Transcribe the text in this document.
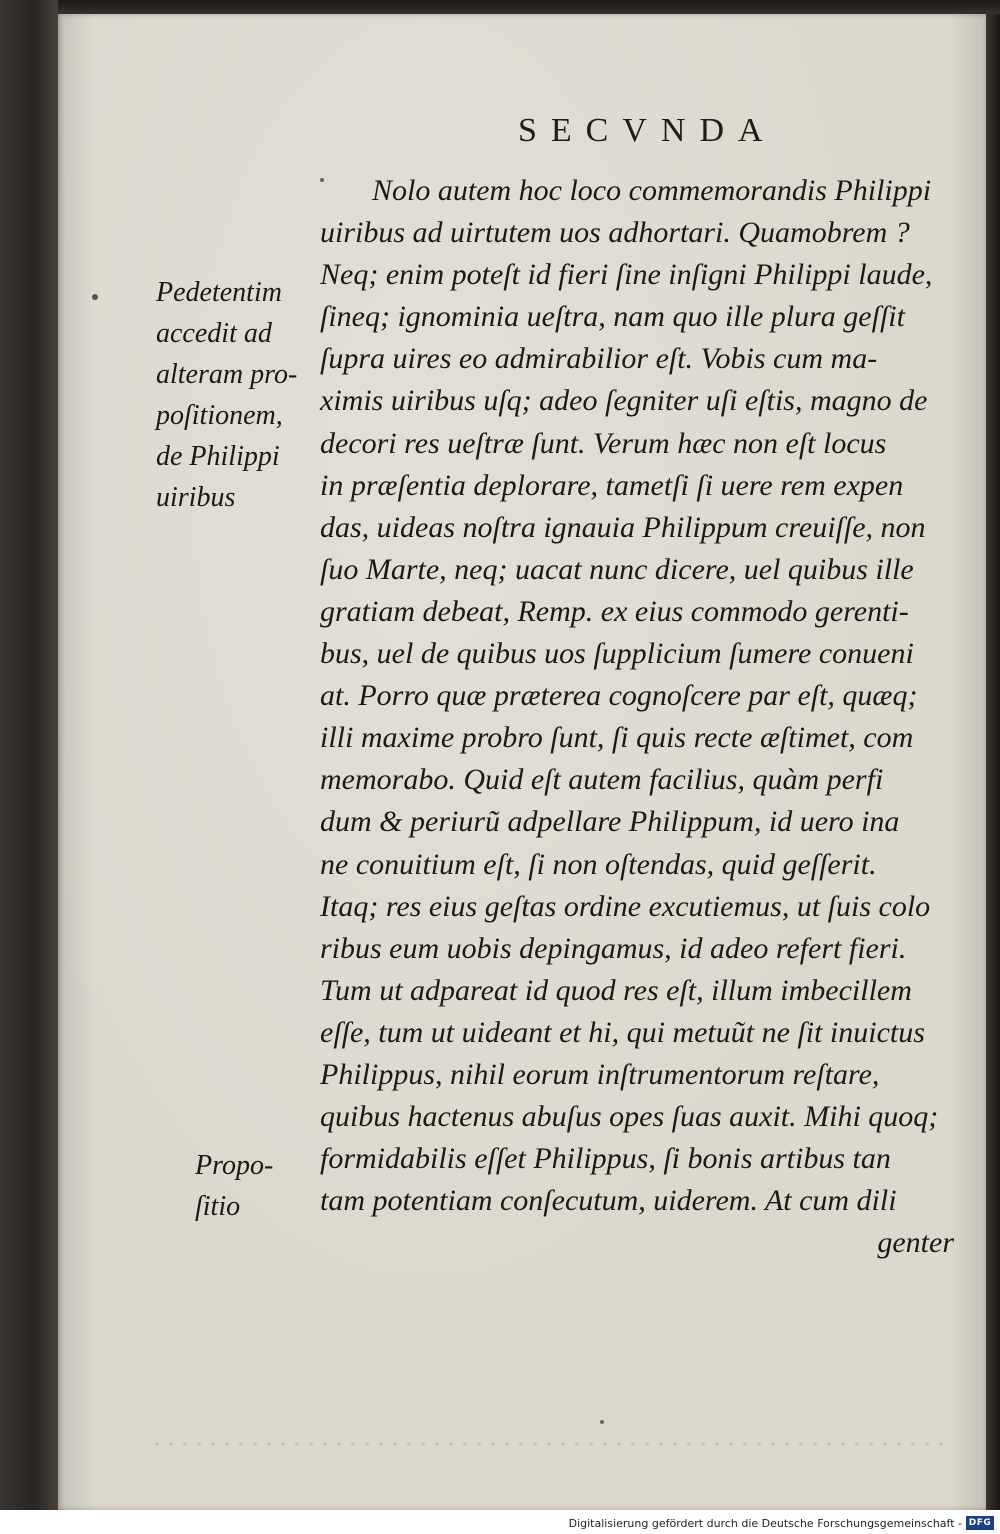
SECVNDA
Nolo autem hoc loco commemorandis Philippi
uiribus ad uirtutem uos adhortari. Quamobrem ?
Neq; enim poteſt id fieri ſine inſigni Philippi laude,
ſineq; ignominia ueſtra, nam quo ille plura geſſit
ſupra uires eo admirabilior eſt. Vobis cum ma-
ximis uiribus uſq; adeo ſegniter uſi eſtis, magno de
decori res ueſtræ ſunt. Verum hæc non eſt locus
in præſentia deplorare, tametſi ſi uere rem expen
das, uideas noſtra ignauia Philippum creuiſſe, non
ſuo Marte, neq; uacat nunc dicere, uel quibus ille
gratiam debeat, Remp. ex eius commodo gerenti-
bus, uel de quibus uos ſupplicium ſumere conueni
at. Porro quæ præterea cognoſcere par eſt, quæq;
illi maxime probro ſunt, ſi quis recte æſtimet, com
memorabo. Quid eſt autem facilius, quàm perfi
dum & periurũ adpellare Philippum, id uero ina
ne conuitium eſt, ſi non oſtendas, quid geſſerit.
Itaq; res eius geſtas ordine excutiemus, ut ſuis colo
ribus eum uobis depingamus, id adeo refert fieri.
Tum ut adpareat id quod res eſt, illum imbecillem
eſſe, tum ut uideant et hi, qui metuũt ne ſit inuictus
Philippus, nihil eorum inſtrumentorum reſtare,
quibus hactenus abuſus opes ſuas auxit. Mihi quoq;
formidabilis eſſet Philippus, ſi bonis artibus tan
tam potentiam conſecutum, uiderem. At cum dili
genter
Pedetentim
accedit ad
alteram pro-
poſitionem,
de Philippi
uiribus
Propo-
ſitio
Digitalisierung gefördert durch die Deutsche Forschungsgemeinschaft - DFG
